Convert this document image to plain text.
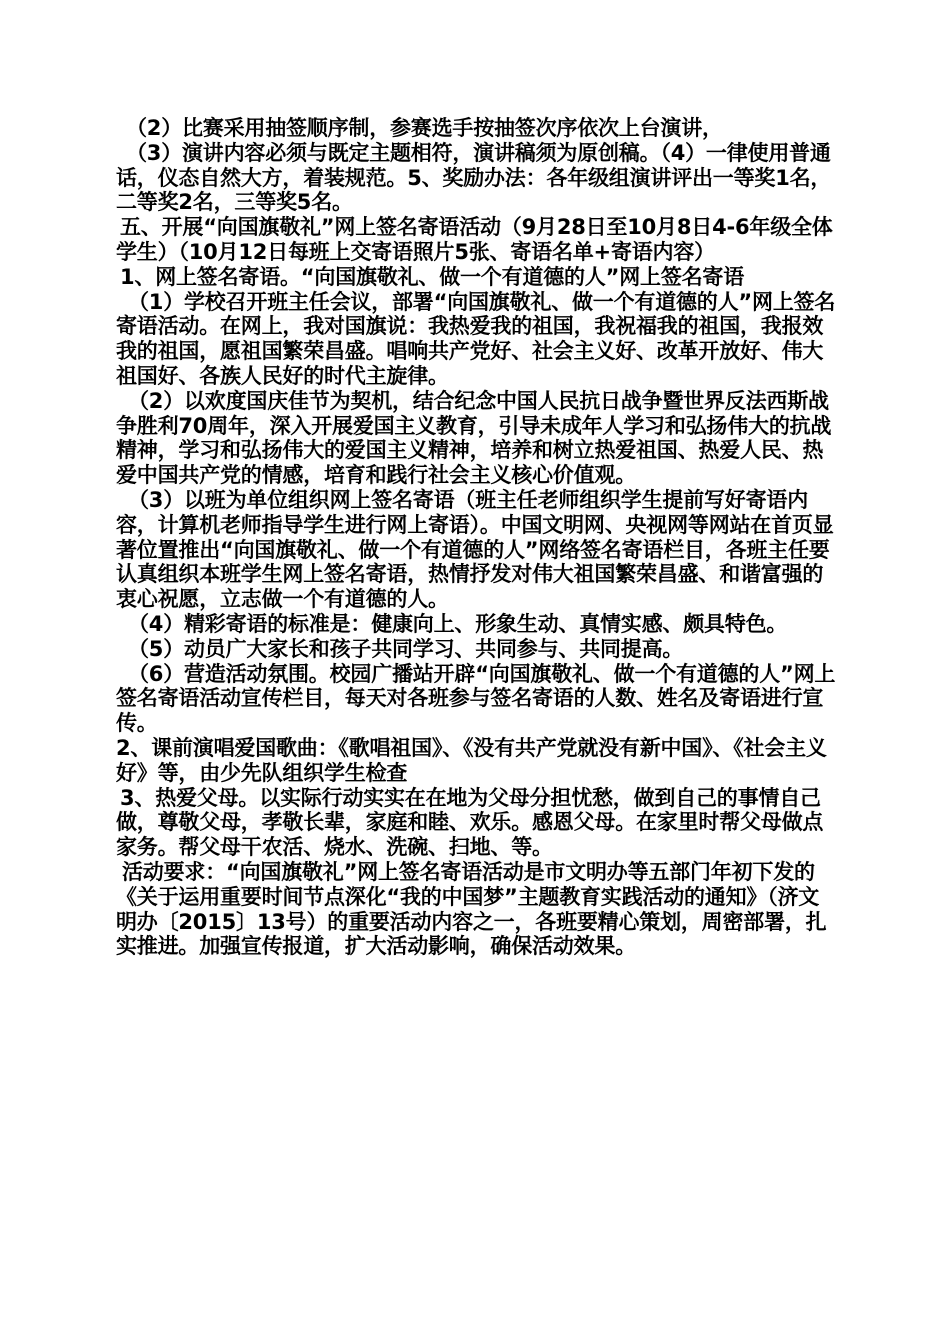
（2）比赛采用抽签顺序制，参赛选手按抽签次序依次上台演讲，

（3）演讲内容必须与既定主题相符，演讲稿须为原创稿。（4）一律使用普通话，仪态自然大方，着装规范。5、奖励办法：各年级组演讲评出一等奖1名，二等奖2名，三等奖5名。

五、开展“向国旗敬礼”网上签名寄语活动（9月28日至10月8日4-6年级全体学生）（10月12日每班上交寄语照片5张、寄语名单+寄语内容）

1、网上签名寄语。“向国旗敬礼、做一个有道德的人”网上签名寄语

（1）学校召开班主任会议，部署“向国旗敬礼、做一个有道德的人”网上签名寄语活动。在网上，我对国旗说：我热爱我的祖国，我祝福我的祖国，我报效我的祖国，愿祖国繁荣昌盛。唱响共产党好、社会主义好、改革开放好、伟大祖国好、各族人民好的时代主旋律。

（2）以欢度国庆佳节为契机，结合纪念中国人民抗日战争暨世界反法西斯战争胜利70周年，深入开展爱国主义教育，引导未成年人学习和弘扬伟大的抗战精神，学习和弘扬伟大的爱国主义精神，培养和树立热爱祖国、热爱人民、热爱中国共产党的情感，培育和践行社会主义核心价值观。

（3）以班为单位组织网上签名寄语（班主任老师组织学生提前写好寄语内容，计算机老师指导学生进行网上寄语）。中国文明网、央视网等网站在首页显著位置推出“向国旗敬礼、做一个有道德的人”网络签名寄语栏目，各班主任要认真组织本班学生网上签名寄语，热情抒发对伟大祖国繁荣昌盛、和谐富强的衷心祝愿，立志做一个有道德的人。

（4）精彩寄语的标准是：健康向上、形象生动、真情实感、颇具特色。

（5）动员广大家长和孩子共同学习、共同参与、共同提高。

（6）营造活动氛围。校园广播站开辟“向国旗敬礼、做一个有道德的人”网上签名寄语活动宣传栏目，每天对各班参与签名寄语的人数、姓名及寄语进行宣传。

2、课前演唱爱国歌曲：《歌唱祖国》、《没有共产党就没有新中国》、《社会主义好》等，由少先队组织学生检查

3、热爱父母。以实际行动实实在在地为父母分担忧愁，做到自己的事情自己做，尊敬父母，孝敬长辈，家庭和睦、欢乐。感恩父母。在家里时帮父母做点家务。帮父母干农活、烧水、洗碗、扫地、等。

活动要求：“向国旗敬礼”网上签名寄语活动是市文明办等五部门年初下发的《关于运用重要时间节点深化“我的中国梦”主题教育实践活动的通知》（济文明办〔2015〕13号）的重要活动内容之一，各班要精心策划，周密部署，扎实推进。加强宣传报道，扩大活动影响，确保活动效果。
